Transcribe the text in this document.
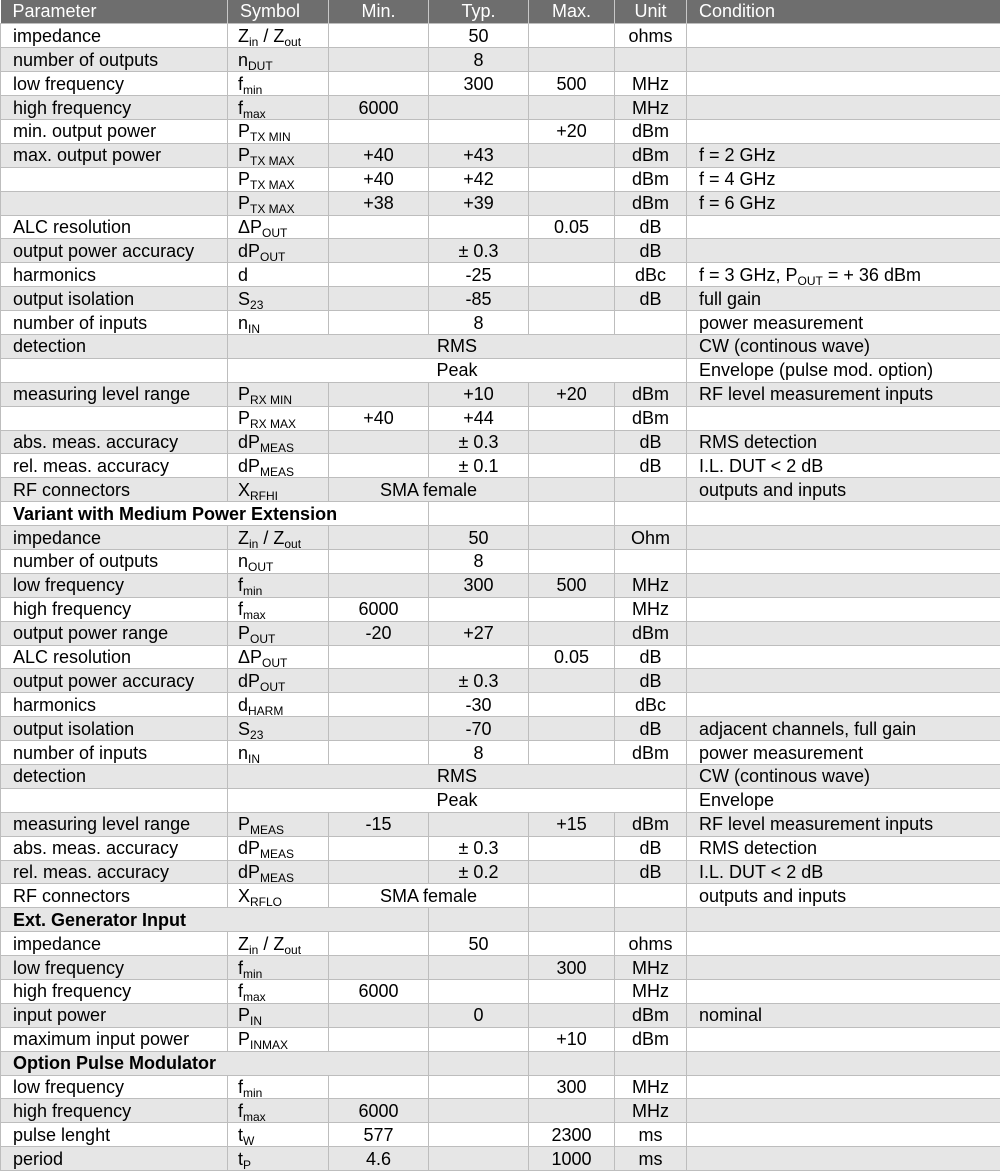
Parameter	Symbol	Min.	Typ.	Max.	Unit	Condition
impedance	$Z_{in} / Z_{out}$		50		ohms	
number of outputs	$n_{DUT}$		8			
low frequency	$f_{min}$		300	500	MHz	
high frequency	$f_{max}$	6000			MHz	
min. output power	$P_{TX MIN}$			+20	dBm	
max. output power	$P_{TX MAX}$	+40	+43		dBm	f = 2 GHz
	$P_{TX MAX}$	+40	+42		dBm	f = 4 GHz
	$P_{TX MAX}$	+38	+39		dBm	f = 6 GHz
ALC resolution	$\Delta P_{OUT}$			0.05	dB	
output power accuracy	$dP_{OUT}$		± 0.3		dB	
harmonics	d		-25		dBc	f = 3 GHz, $P_{OUT}$ = + 36 dBm
output isolation	$S_{23}$		-85		dB	full gain
number of inputs	$n_{IN}$		8			power measurement
detection	RMS					CW (continous wave)
	Peak					Envelope (pulse mod. option)
measuring level range	$P_{RX MIN}$		+10	+20	dBm	RF level measurement inputs
	$P_{RX MAX}$	+40	+44		dBm	
abs. meas. accuracy	$dP_{MEAS}$		± 0.3		dB	RMS detection
rel. meas. accuracy	$dP_{MEAS}$		± 0.1		dB	I.L. DUT < 2 dB
RF connectors	$X_{RFHI}$	SMA female				outputs and inputs
Variant with Medium Power Extension						
impedance	$Z_{in} / Z_{out}$		50		Ohm	
number of outputs	$n_{OUT}$		8			
low frequency	$f_{min}$		300	500	MHz	
high frequency	$f_{max}$	6000			MHz	
output power range	$P_{OUT}$	-20	+27		dBm	
ALC resolution	$\Delta P_{OUT}$			0.05	dB	
output power accuracy	$dP_{OUT}$		± 0.3		dB	
harmonics	$d_{HARM}$		-30		dBc	
output isolation	$S_{23}$		-70		dB	adjacent channels, full gain
number of inputs	$n_{IN}$		8		dBm	power measurement
detection	RMS					CW (continous wave)
	Peak					Envelope
measuring level range	$P_{MEAS}$	-15		+15	dBm	RF level measurement inputs
abs. meas. accuracy	$dP_{MEAS}$		± 0.3		dB	RMS detection
rel. meas. accuracy	$dP_{MEAS}$		± 0.2		dB	I.L. DUT < 2 dB
RF connectors	$X_{RFLO}$	SMA female				outputs and inputs
Ext. Generator Input						
impedance	$Z_{in} / Z_{out}$		50		ohms	
low frequency	$f_{min}$			300	MHz	
high frequency	$f_{max}$	6000			MHz	
input power	$P_{IN}$		0		dBm	nominal
maximum input power	$P_{INMAX}$			+10	dBm	
Option Pulse Modulator						
low frequency	$f_{min}$			300	MHz	
high frequency	$f_{max}$	6000			MHz	
pulse lenght	$t_W$	577		2300	ms	
period	$t_P$	4.6		1000	ms	
